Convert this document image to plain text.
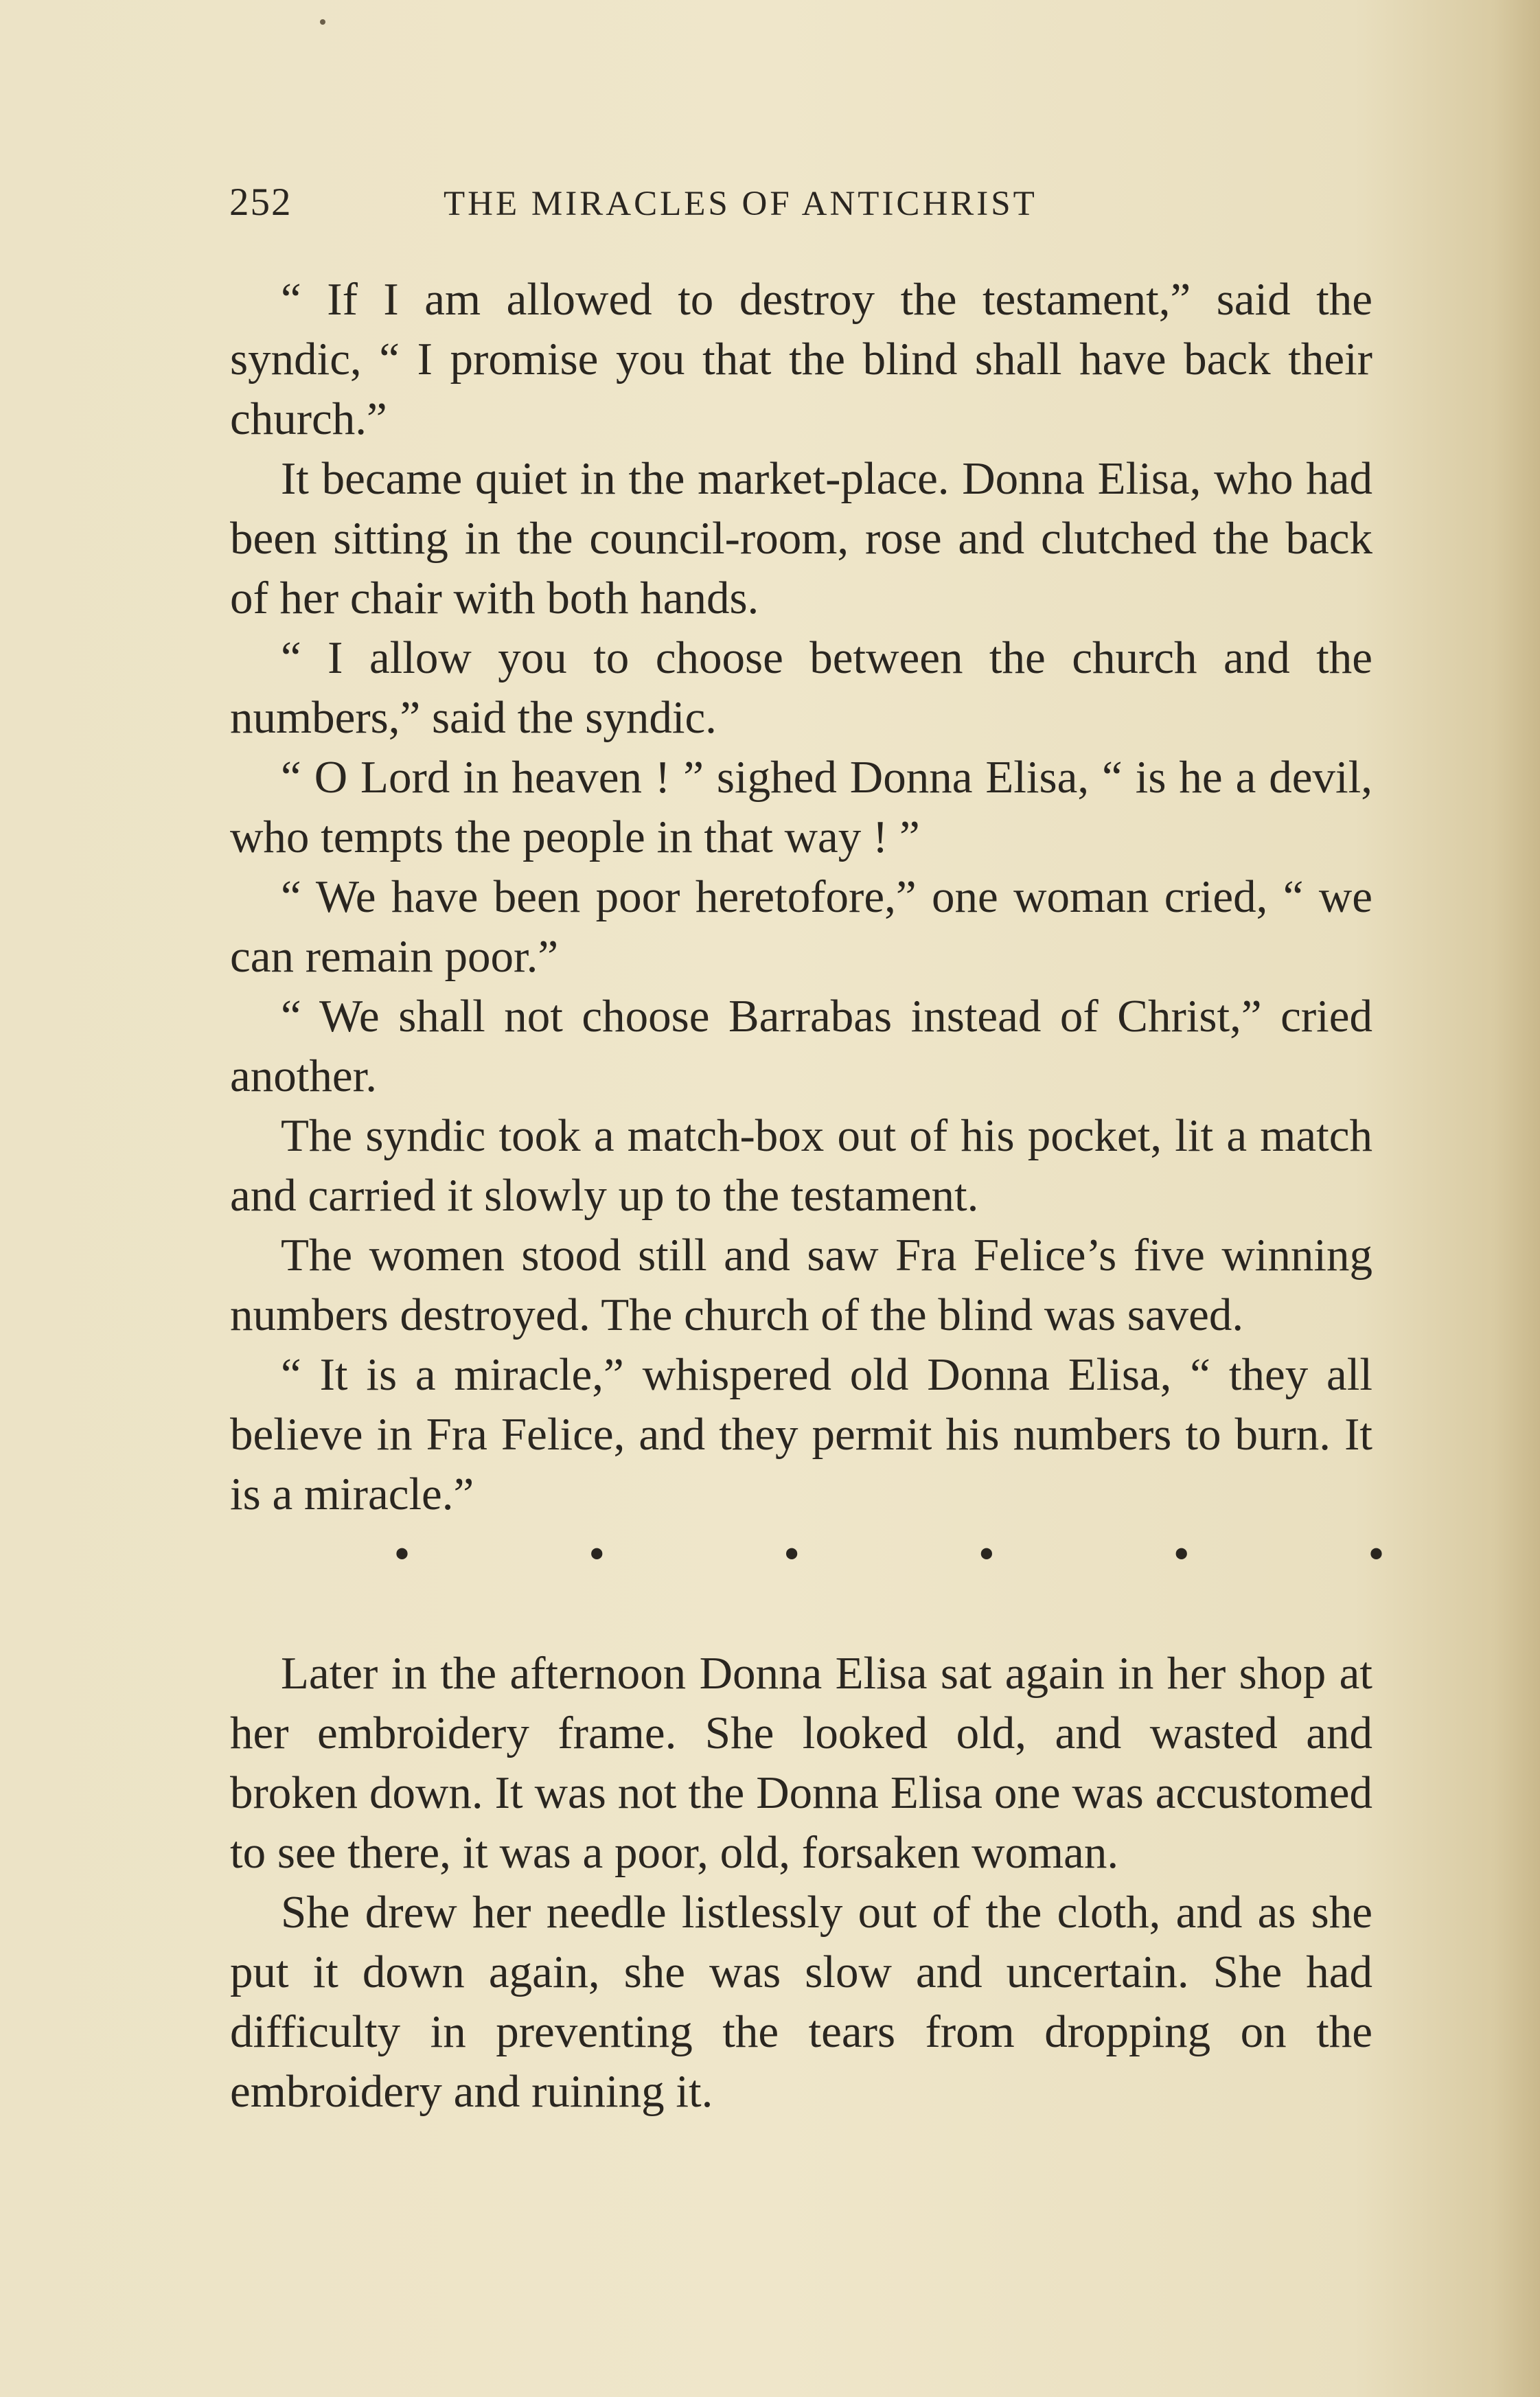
252	THE MIRACLES OF ANTICHRIST

“ If I am allowed to destroy the testament,” said the syndic, “ I promise you that the blind shall have back their church.”

It became quiet in the market-place. Donna Elisa, who had been sitting in the council-room, rose and clutched the back of her chair with both hands.

“ I allow you to choose between the church and the numbers,” said the syndic.

“ O Lord in heaven ! ” sighed Donna Elisa, “ is he a devil, who tempts the people in that way ! ”

“ We have been poor heretofore,” one woman cried, “ we can remain poor.”

“ We shall not choose Barrabas instead of Christ,” cried another.

The syndic took a match-box out of his pocket, lit a match and carried it slowly up to the testament.

The women stood still and saw Fra Felice’s five winning numbers destroyed. The church of the blind was saved.

“ It is a miracle,” whispered old Donna Elisa, “ they all believe in Fra Felice, and they permit his numbers to burn. It is a miracle.”

•	•	•	•	•	•

Later in the afternoon Donna Elisa sat again in her shop at her embroidery frame. She looked old, and wasted and broken down. It was not the Donna Elisa one was accustomed to see there, it was a poor, old, forsaken woman.

She drew her needle listlessly out of the cloth, and as she put it down again, she was slow and uncertain. She had difficulty in preventing the tears from dropping on the embroidery and ruining it.
